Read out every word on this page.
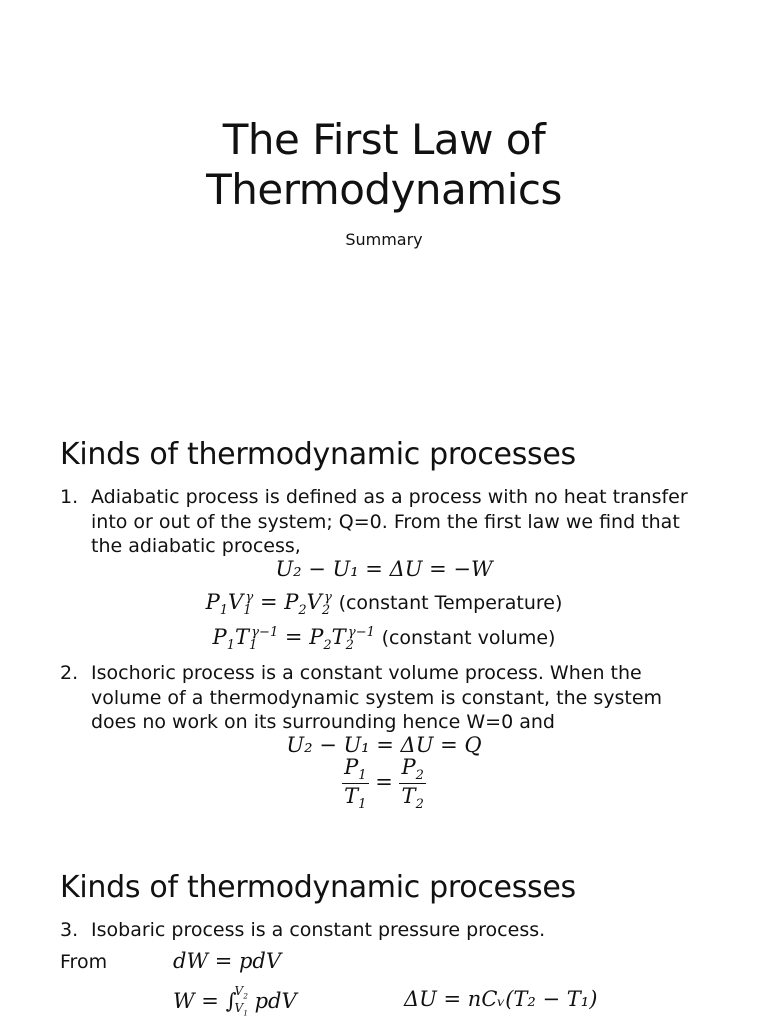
The First Law of
Thermodynamics
Summary
Kinds of thermodynamic processes
1. Adiabatic process is defined as a process with no heat transfer into or out of the system; Q=0. From the first law we find that the adiabatic process,
U₂ − U₁ = ΔU = −W
$P_1V_1^\gamma = P_2V_2^\gamma$ (constant Temperature)
$P_1T_1^{\gamma-1} = P_2T_2^{\gamma-1}$ (constant volume)
2. Isochoric process is a constant volume process. When the volume of a thermodynamic system is constant, the system does no work on its surrounding hence W=0 and
U₂ − U₁ = ΔU = Q
$\frac{P_1}{T_1} = \frac{P_2}{T_2}$
Kinds of thermodynamic processes
3. Isobaric process is a constant pressure process.
From	dW = pdV
W = ∫
$V_2$
$V_1$
pdV	ΔU = nCᵥ(T₂ − T₁)
